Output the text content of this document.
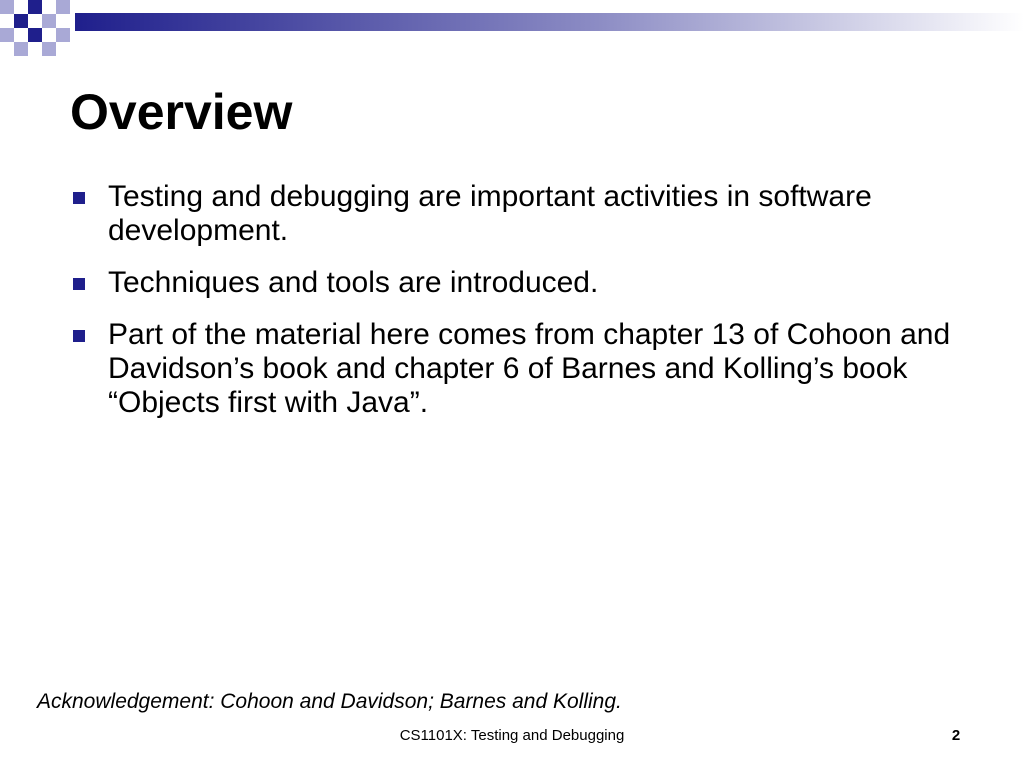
Overview
Testing and debugging are important activities in software development.
Techniques and tools are introduced.
Part of the material here comes from chapter 13 of Cohoon and Davidson’s book and chapter 6 of Barnes and Kolling’s book “Objects first with Java”.
Acknowledgement: Cohoon and Davidson; Barnes and Kolling.
CS1101X: Testing and Debugging	2
